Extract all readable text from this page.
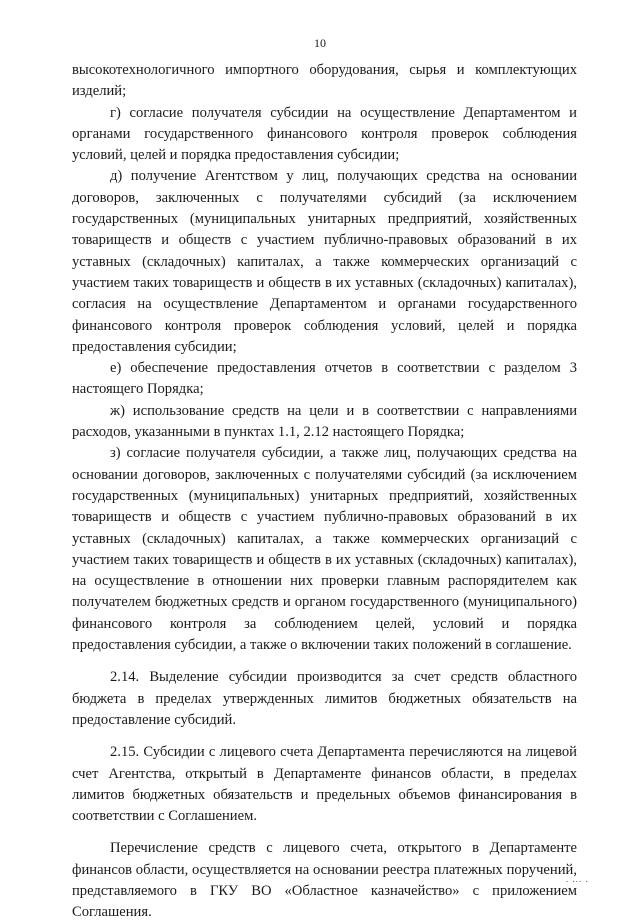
10

высокотехнологичного импортного оборудования, сырья и комплектующих изделий;

г) согласие получателя субсидии на осуществление Департаментом и органами государственного финансового контроля проверок соблюдения условий, целей и порядка предоставления субсидии;

д) получение Агентством у лиц, получающих средства на основании договоров, заключенных с получателями субсидий (за исключением государственных (муниципальных унитарных предприятий, хозяйственных товариществ и обществ с участием публично-правовых образований в их уставных (складочных) капиталах, а также коммерческих организаций с участием таких товариществ и обществ в их уставных (складочных) капиталах), согласия на осуществление Департаментом и органами государственного финансового контроля проверок соблюдения условий, целей и порядка предоставления субсидии;

е) обеспечение предоставления отчетов в соответствии с разделом 3 настоящего Порядка;

ж) использование средств на цели и в соответствии с направлениями расходов, указанными в пунктах 1.1, 2.12 настоящего Порядка;

з) согласие получателя субсидии, а также лиц, получающих средства на основании договоров, заключенных с получателями субсидий (за исключением государственных (муниципальных) унитарных предприятий, хозяйственных товариществ и обществ с участием публично-правовых образований в их уставных (складочных) капиталах, а также коммерческих организаций с участием таких товариществ и обществ в их уставных (складочных) капиталах), на осуществление в отношении них проверки главным распорядителем как получателем бюджетных средств и органом государственного (муниципального) финансового контроля за соблюдением целей, условий и порядка предоставления субсидии, а также о включении таких положений в соглашение.

2.14. Выделение субсидии производится за счет средств областного бюджета в пределах утвержденных лимитов бюджетных обязательств на предоставление субсидий.

2.15. Субсидии с лицевого счета Департамента перечисляются на лицевой счет Агентства, открытый в Департаменте финансов области, в пределах лимитов бюджетных обязательств и предельных объемов финансирования в соответствии с Соглашением.

Перечисление средств с лицевого счета, открытого в Департаменте финансов области, осуществляется на основании реестра платежных поручений, представляемого в ГКУ ВО «Областное казначейство» с приложением Соглашения.

. ... .
